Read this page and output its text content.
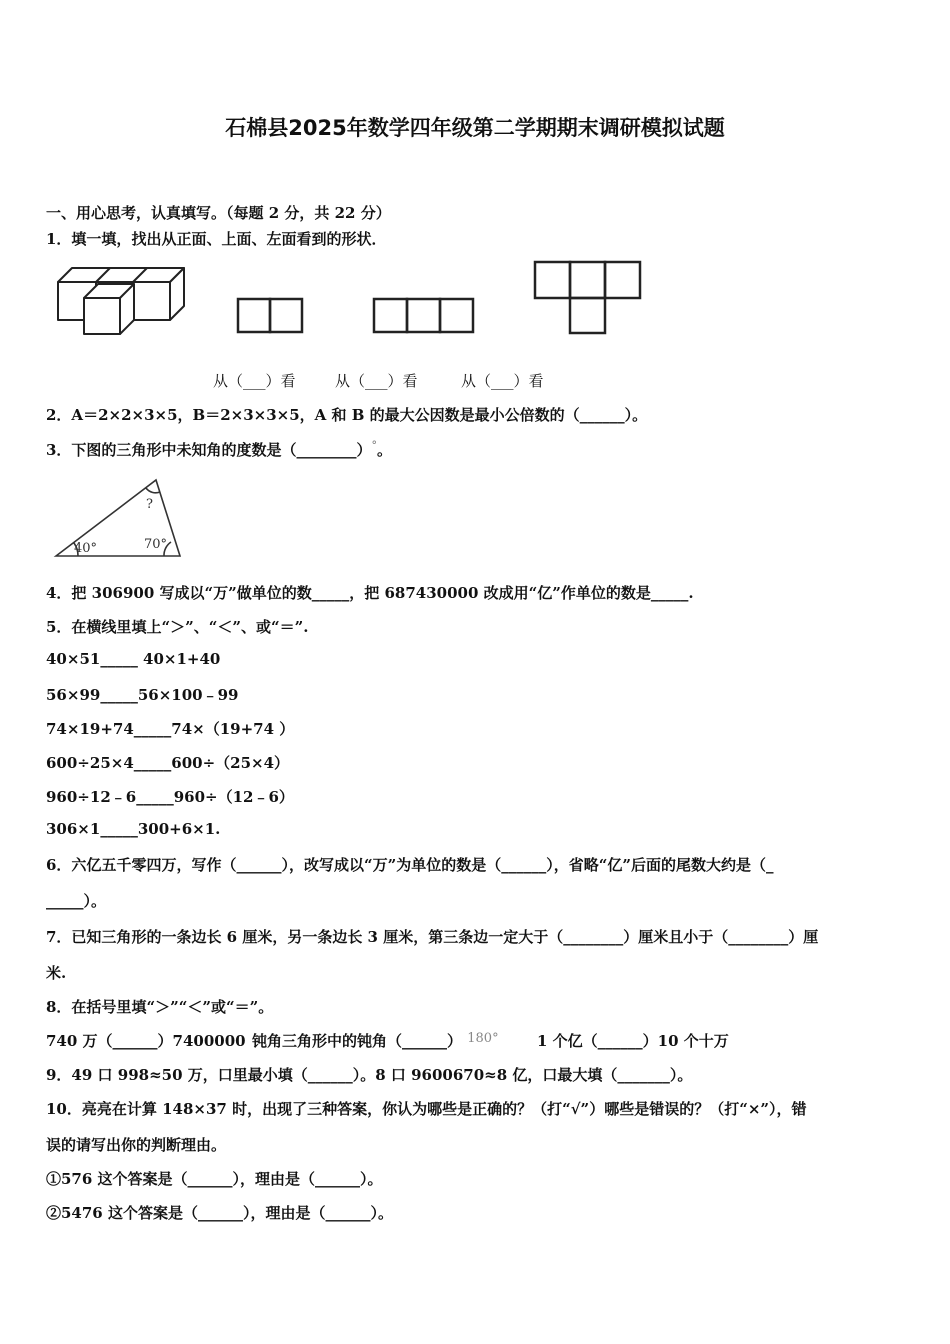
石棉县2025年数学四年级第二学期期末调研模拟试题
一、用心思考，认真填写。（每题 2 分，共 22 分）
1．填一填，找出从正面、上面、左面看到的形状．
从（___）看	从（___）看	从（___）看
2．A＝2×2×3×5，B＝2×3×3×5，A 和 B 的最大公因数是最小公倍数的（______）。
3．下图的三角形中未知角的度数是（________）°。
40°	70°
?
4．把 306900 写成以“万”做单位的数_____，把 687430000 改成用“亿”作单位的数是_____.
5．在横线里填上“＞”、“＜”、或“＝”.
40×51_____ 40×1+40
56×99_____56×100﹣99
74×19+74_____74×（19+74 ）
600÷25×4_____600÷（25×4）
960÷12﹣6_____960÷（12﹣6）
306×1_____300+6×1.
6．六亿五千零四万，写作（______），改写成以“万”为单位的数是（______），省略“亿”后面的尾数大约是（_
_____）。
7．已知三角形的一条边长 6 厘米，另一条边长 3 厘米，第三条边一定大于（________）厘米且小于（________）厘
米.
8．在括号里填“＞”“＜”或“＝”。
740 万（______）7400000 钝角三角形中的钝角（______） 180°	1 个亿（______）10 个十万
9．49 口 998≈50 万，口里最小填（______）。8 口 9600670≈8 亿，口最大填（_______）。
10．亮亮在计算 148×37 时，出现了三种答案，你认为哪些是正确的？（打“√”）哪些是错误的？（打“×”），错
误的请写出你的判断理由。
①576 这个答案是（______），理由是（______）。
②5476 这个答案是（______），理由是（______）。
